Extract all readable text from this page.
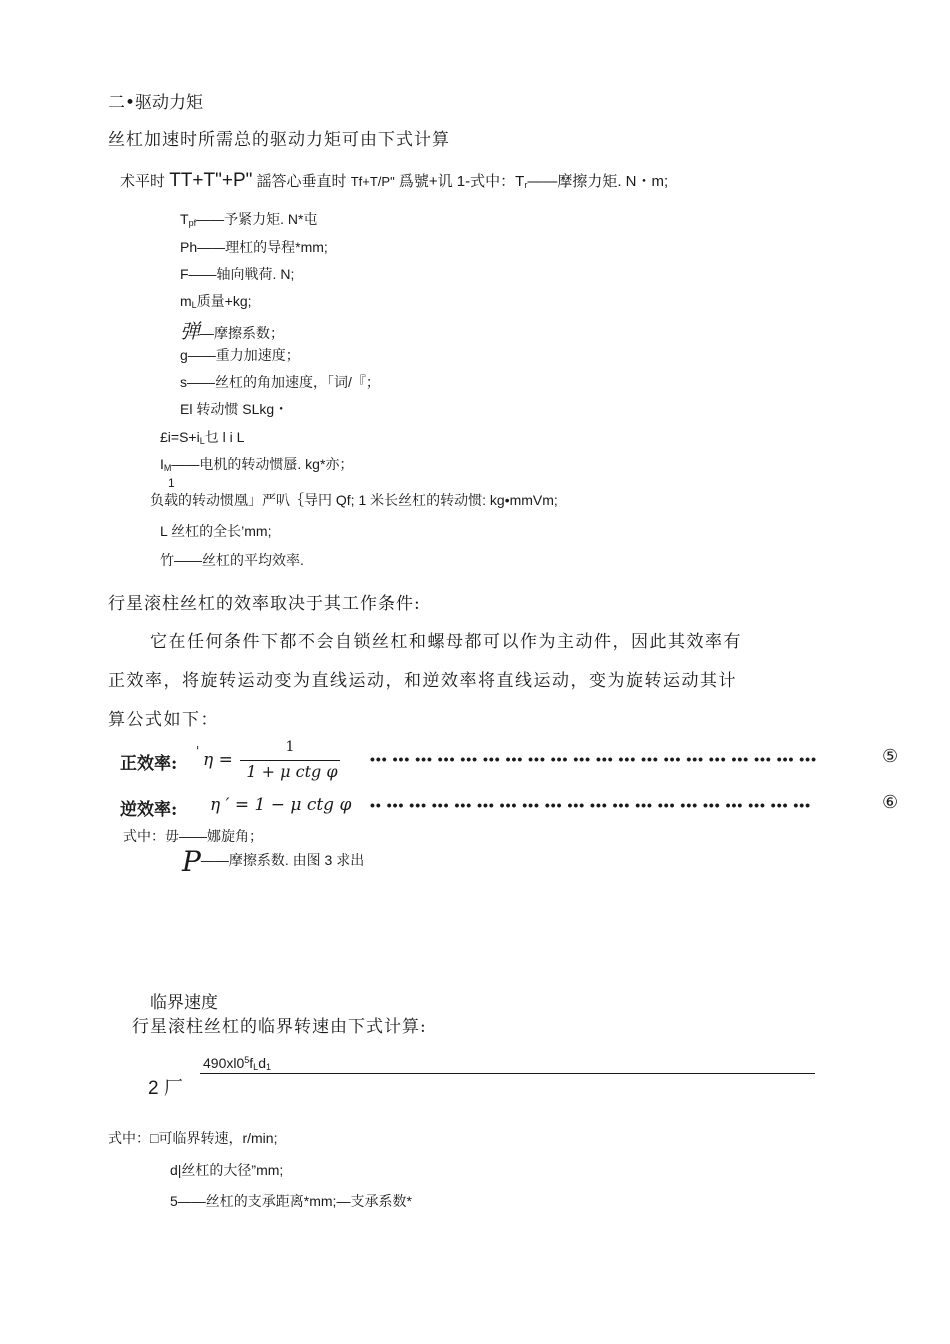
二•驱动力矩
丝杠加速时所需总的驱动力矩可由下式计算
术平时 TT+T"+P" 謡答心垂直时 Tf+T/P" 爲號+讥 1-式中：$T_r——$摩擦力矩. N・m;
$T_{pf}——$予紧力矩. N*屯
Ph——理杠的导程*mm;
F——轴向戦荷. N;
$m_L$质量+kg;
弹—摩擦系数；
g——重力加速度；
s——丝杠的角加速度，「词/『；
El 转动惯 SLkg・
$£i=S+i_L$乜 l i L
$I_M——$电机的转动惯蜃. kg*亦；
1
负载的转动惯凰」严叭｛导円 Qf; 1 米长丝杠的转动惯: kg•mmVm;
L 丝杠的全长’mm;
竹——丝杠的平均效率.
行星滚柱丝杠的效率取决于其工作条件:
它在任何条件下都不会自锁丝杠和螺母都可以作为主动件，因此其效率有
正效率，将旋转运动变为直线运动，和逆效率将直线运动，变为旋转运动其计
算公式如下：
正效率:
' η =
1
1 + μ ctg φ
••• ••• ••• ••• ••• ••• ••• ••• ••• ••• ••• ••• ••• ••• ••• ••• ••• ••• ••• •••	⑤
逆效率: η ′ = 1 − μ ctg φ •• ••• ••• ••• ••• ••• ••• ••• ••• ••• ••• ••• ••• ••• ••• ••• ••• ••• ••• •••	⑥
式中：毋——娜旋角；
P——摩擦系数. 由图 3 求出
临界速度
行星滚柱丝杠的临界转速由下式计算:
$490xl0^5f_Ld_1$
2 厂
式中：□可临界转速，r/min;
d|丝杠的大径”mm;
5——丝杠的支承距离*mm;—支承系数*
